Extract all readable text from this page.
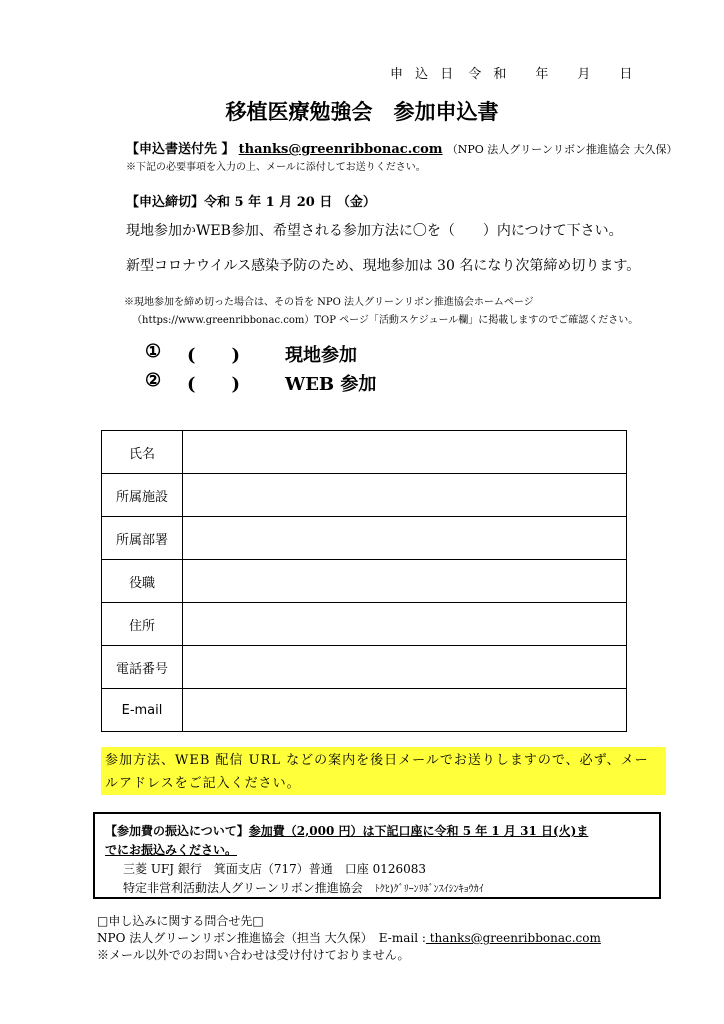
申 込 日　令 和　　年　　月　　日
移植医療勉強会　参加申込書
【申込書送付先 】 thanks@greenribbonac.com （NPO 法人グリーンリボン推進協会 大久保）
※下記の必要事項を入力の上、メールに添付してお送りください。
【申込締切】令和 5 年 1 月 20 日 （金）
現地参加かWEB参加、希望される参加方法に〇を（　　）内につけて下さい。
新型コロナウイルス感染予防のため、現地参加は 30 名になり次第締め切ります。
※現地参加を締め切った場合は、その旨を NPO 法人グリーンリボン推進協会ホームページ
（https://www.greenribbonac.com）TOP ページ「活動スケジュール欄」に掲載しますのでご確認ください。
① (　　) 現地参加
② (　　) WEB 参加
氏名	
所属施設	
所属部署	
役職	
住所	
電話番号	
E-mail	
参加方法、WEB 配信 URL などの案内を後日メールでお送りしますので、必ず、メールアドレスをご記入ください。
【参加費の振込について】参加費（2,000 円）は下記口座に令和 5 年 1 月 31 日(火)ま
でにお振込みください。
三菱 UFJ 銀行　箕面支店（717）普通　口座 0126083
特定非営利活動法人グリーンリボン推進協会　 ﾄｸﾋ)ｸﾞﾘｰﾝﾘﾎﾞﾝｽｲｼﾝｷｮｳｶｲ
□申し込みに関する問合せ先□
NPO 法人グリーンリボン推進協会（担当 大久保）　E-mail : thanks@greenribbonac.com
※メール以外でのお問い合わせは受け付けておりません。
